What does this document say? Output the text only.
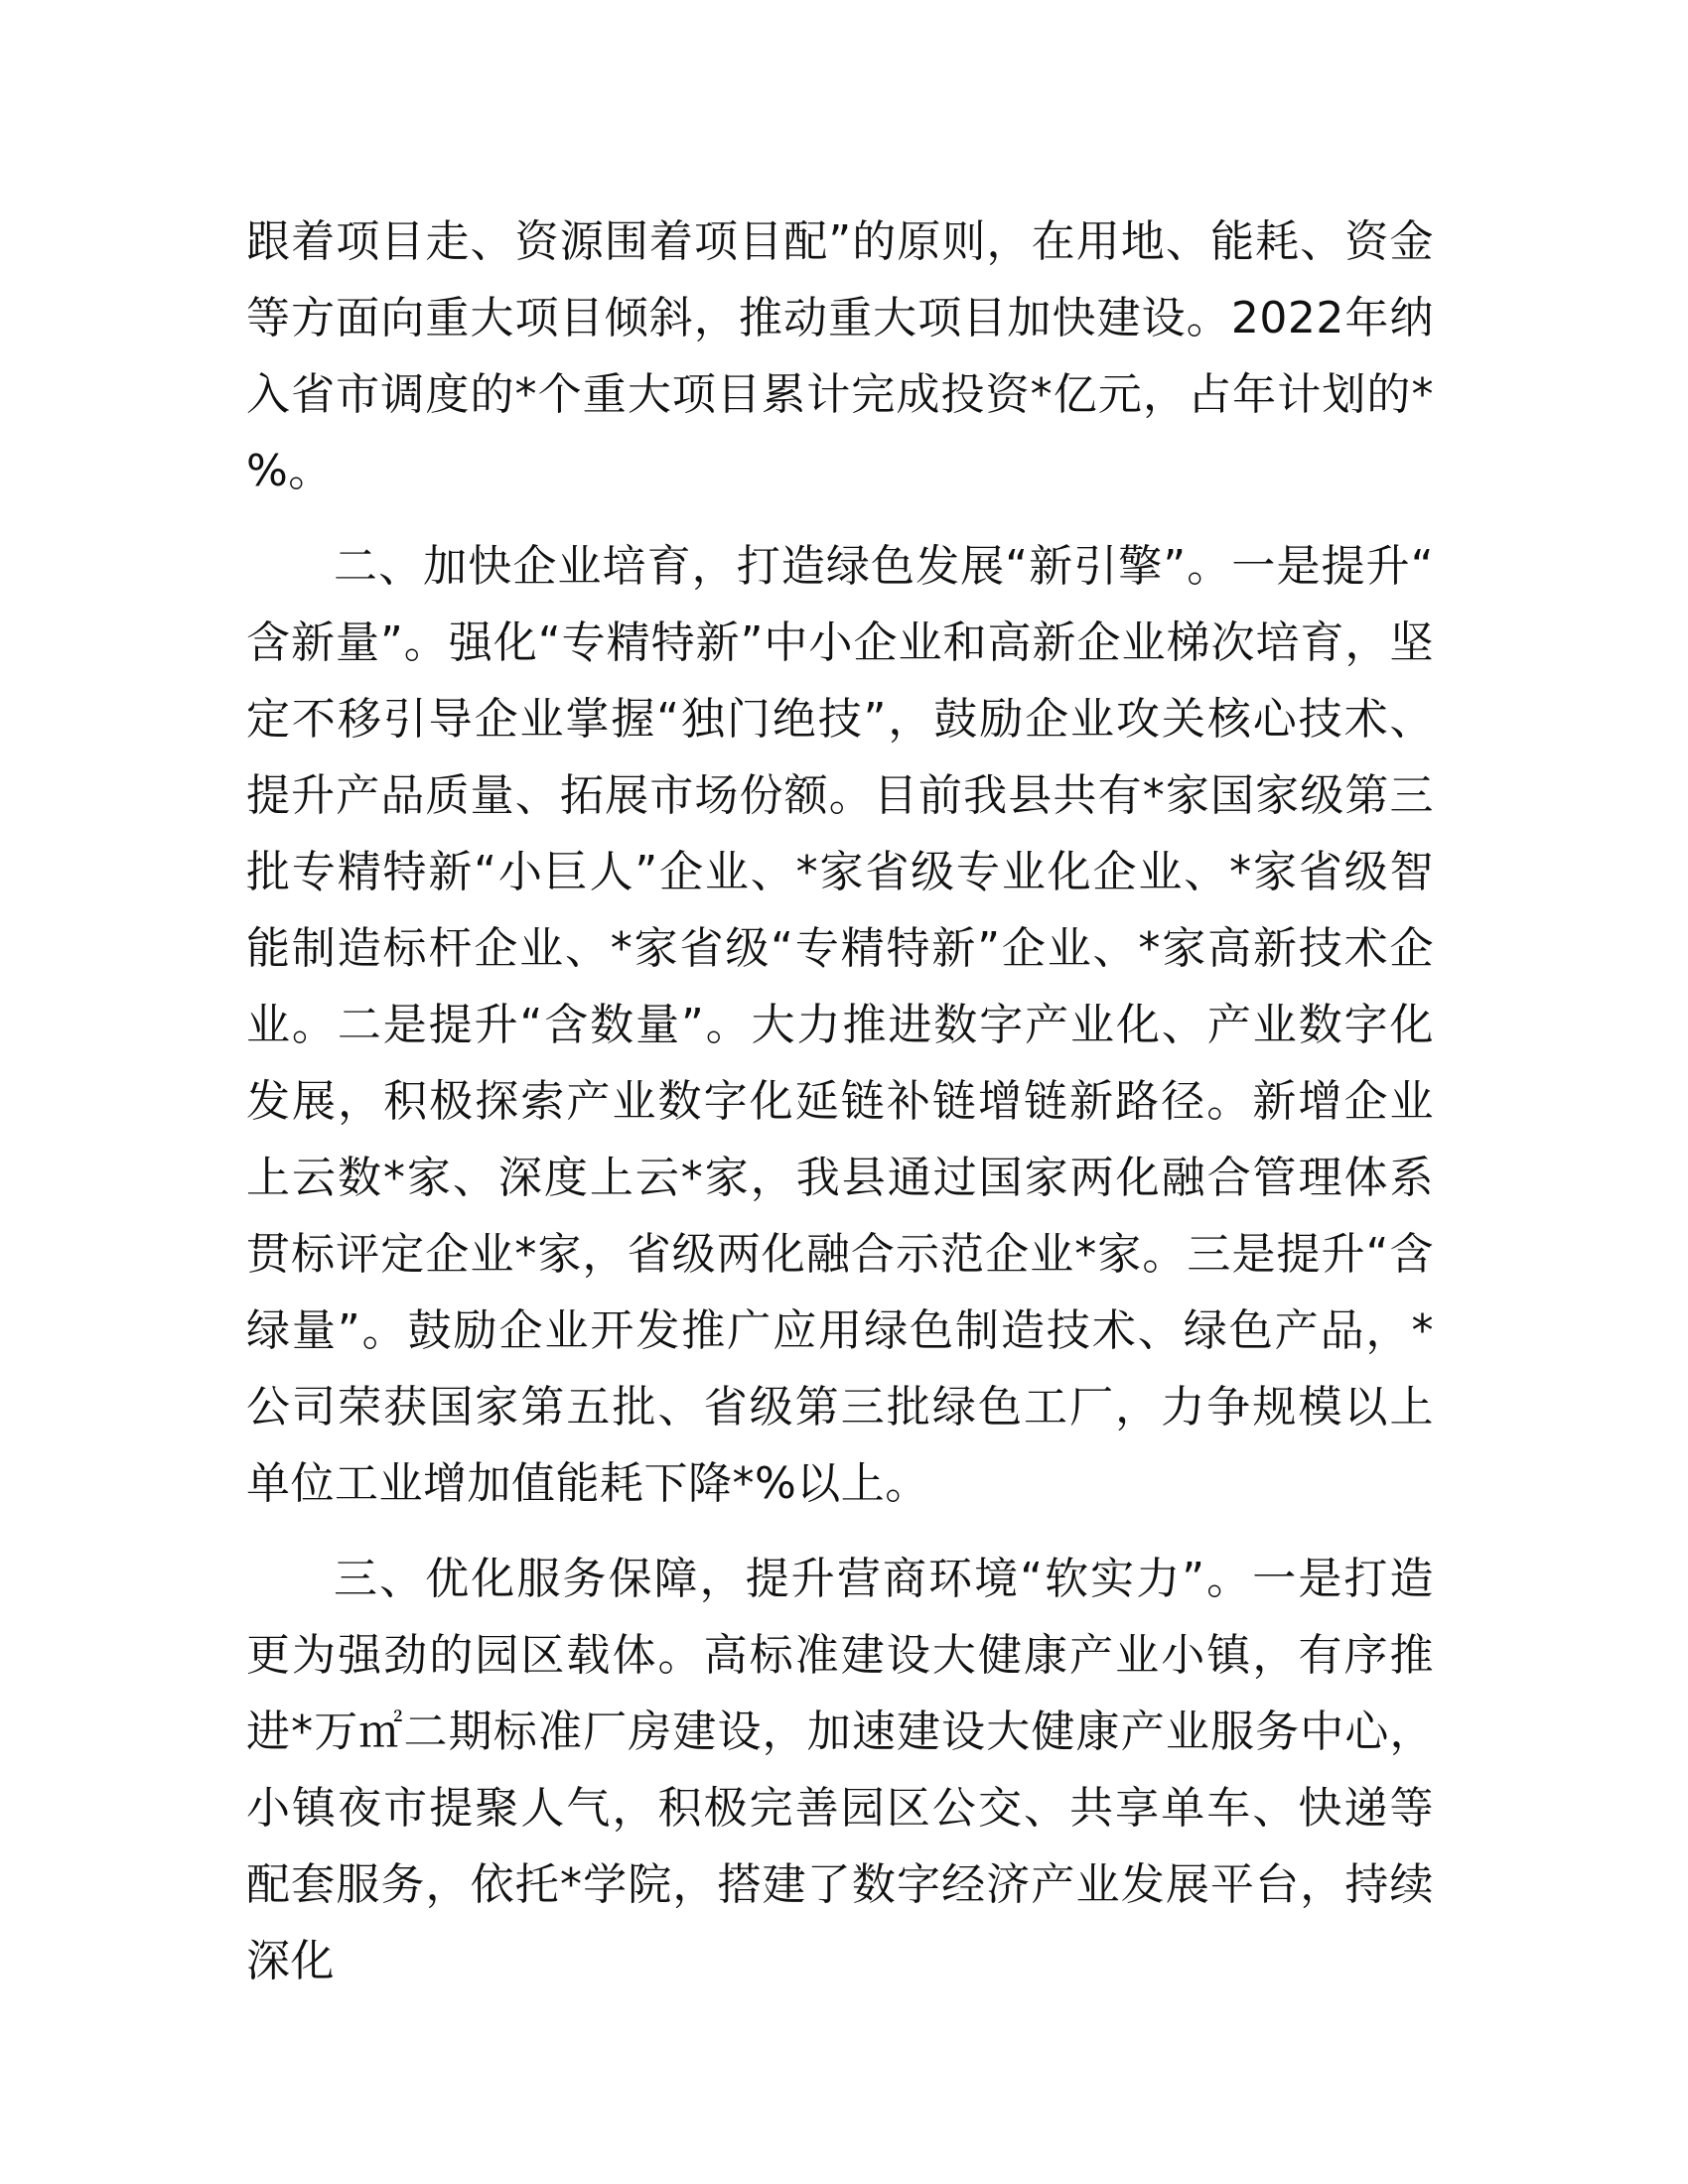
跟着项目走、资源围着项目配”的原则，在用地、能耗、资金等方面向重大项目倾斜，推动重大项目加快建设。2022年纳入省市调度的*个重大项目累计完成投资*亿元，占年计划的*%。

二、加快企业培育，打造绿色发展“新引擎”。一是提升“含新量”。强化“专精特新”中小企业和高新企业梯次培育，坚定不移引导企业掌握“独门绝技”，鼓励企业攻关核心技术、提升产品质量、拓展市场份额。目前我县共有*家国家级第三批专精特新“小巨人”企业、*家省级专业化企业、*家省级智能制造标杆企业、*家省级“专精特新”企业、*家高新技术企业。二是提升“含数量”。大力推进数字产业化、产业数字化发展，积极探索产业数字化延链补链增链新路径。新增企业上云数*家、深度上云*家，我县通过国家两化融合管理体系贯标评定企业*家，省级两化融合示范企业*家。三是提升“含绿量”。鼓励企业开发推广应用绿色制造技术、绿色产品，*公司荣获国家第五批、省级第三批绿色工厂，力争规模以上单位工业增加值能耗下降*%以上。

三、优化服务保障，提升营商环境“软实力”。一是打造更为强劲的园区载体。高标准建设大健康产业小镇，有序推进*万㎡二期标准厂房建设，加速建设大健康产业服务中心，小镇夜市提聚人气，积极完善园区公交、共享单车、快递等配套服务，依托*学院，搭建了数字经济产业发展平台，持续深化
